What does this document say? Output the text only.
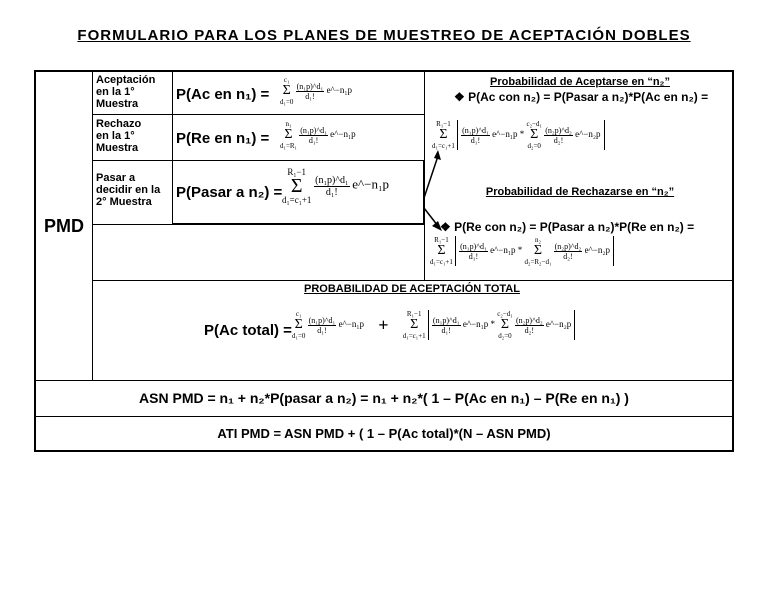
FORMULARIO PARA LOS PLANES DE MUESTREO DE ACEPTACIÓN DOBLES
PMD
Aceptación
en la 1°
Muestra
P(Ac en n₁) =
c₁
Σ
d₁=0
$\frac{\text{(n₁p)\textasciicircum{}d₁}}{\text{d₁!}}$ e^−n₁p
Rechazo
en la 1°
Muestra
P(Re en n₁) =
n₁
Σ
d₁=R₁
$\frac{\text{(n₁p)\textasciicircum{}d₁}}{\text{d₁!}}$ e^−n₁p
Pasar a
decidir en la
2° Muestra
P(Pasar a n₂) =
R₁−1
Σ
d₁=c₁+1
$\frac{\text{(n₁p)\textasciicircum{}d₁}}{\text{d₁!}}$ e^−n₁p
Probabilidad de Aceptarse en “n₂”
❖ P(Ac con n₂) = P(Pasar a n₂)*P(Ac en n₂) =
R₁−1
Σ
d₁=c₁+1
$\frac{\text{(n₁p)\textasciicircum{}d₁}}{\text{d₁!}}$ e^−n₁p * c₂−d₁
Σ
d₂=0
$\frac{\text{(n₂p)\textasciicircum{}d₂}}{\text{d₂!}}$ e^−n₂p
Probabilidad de Rechazarse en “n₂”
❖ P(Re con n₂) = P(Pasar a n₂)*P(Re en n₂) =
R₁−1
Σ
d₁=c₁+1
$\frac{\text{(n₁p)\textasciicircum{}d₁}}{\text{d₁!}}$ e^−n₁p * n₂
Σ
d₂=R₂−d₁
$\frac{\text{(n₂p)\textasciicircum{}d₂}}{\text{d₂!}}$ e^−n₂p
PROBABILIDAD DE ACEPTACIÓN TOTAL
P(Ac total) =
c₁
Σ
d₁=0
$\frac{\text{(n₁p)\textasciicircum{}d₁}}{\text{d₁!}}$ e^−n₁p + R₁−1
Σ
d₁=c₁+1
$\frac{\text{(n₁p)\textasciicircum{}d₁}}{\text{d₁!}}$ e^−n₁p * c₂−d₁
Σ
d₂=0
$\frac{\text{(n₂p)\textasciicircum{}d₂}}{\text{d₂!}}$ e^−n₂p
ASN PMD = n₁ + n₂*P(pasar a n₂) = n₁ + n₂*( 1 – P(Ac en n₁) – P(Re en n₁) )
ATI PMD = ASN PMD + ( 1 – P(Ac total)*(N – ASN PMD)
